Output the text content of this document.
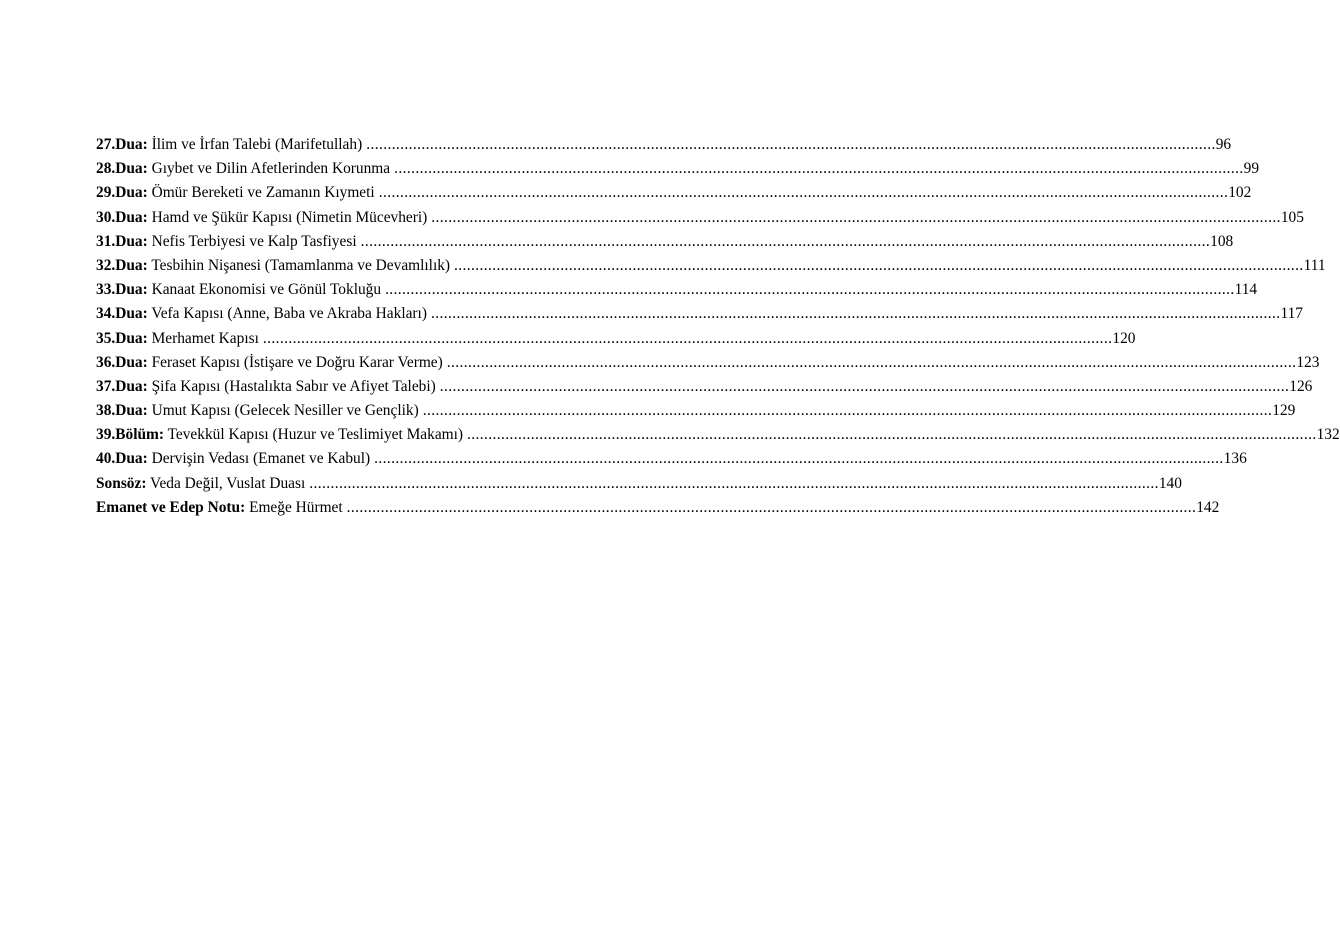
27.Dua: İlim ve İrfan Talebi (Marifetullah) ........................................................................................................................................................................................................ 96
28.Dua: Gıybet ve Dilin Afetlerinden Korunma ........................................................................................................................................................................................................ 99
29.Dua: Ömür Bereketi ve Zamanın Kıymeti ........................................................................................................................................................................................................ 102
30.Dua: Hamd ve Şükür Kapısı (Nimetin Mücevheri) ........................................................................................................................................................................................................ 105
31.Dua: Nefis Terbiyesi ve Kalp Tasfiyesi ........................................................................................................................................................................................................ 108
32.Dua: Tesbihin Nişanesi (Tamamlanma ve Devamlılık) ........................................................................................................................................................................................................ 111
33.Dua: Kanaat Ekonomisi ve Gönül Tokluğu ........................................................................................................................................................................................................ 114
34.Dua: Vefa Kapısı (Anne, Baba ve Akraba Hakları) ........................................................................................................................................................................................................ 117
35.Dua: Merhamet Kapısı ........................................................................................................................................................................................................ 120
36.Dua: Feraset Kapısı (İstişare ve Doğru Karar Verme) ........................................................................................................................................................................................................ 123
37.Dua: Şifa Kapısı (Hastalıkta Sabır ve Afiyet Talebi) ........................................................................................................................................................................................................ 126
38.Dua: Umut Kapısı (Gelecek Nesiller ve Gençlik) ........................................................................................................................................................................................................ 129
39.Bölüm: Tevekkül Kapısı (Huzur ve Teslimiyet Makamı) ........................................................................................................................................................................................................ 132
40.Dua: Dervişin Vedası (Emanet ve Kabul) ........................................................................................................................................................................................................ 136
Sonsöz: Veda Değil, Vuslat Duası ........................................................................................................................................................................................................ 140
Emanet ve Edep Notu: Emeğe Hürmet ........................................................................................................................................................................................................ 142
